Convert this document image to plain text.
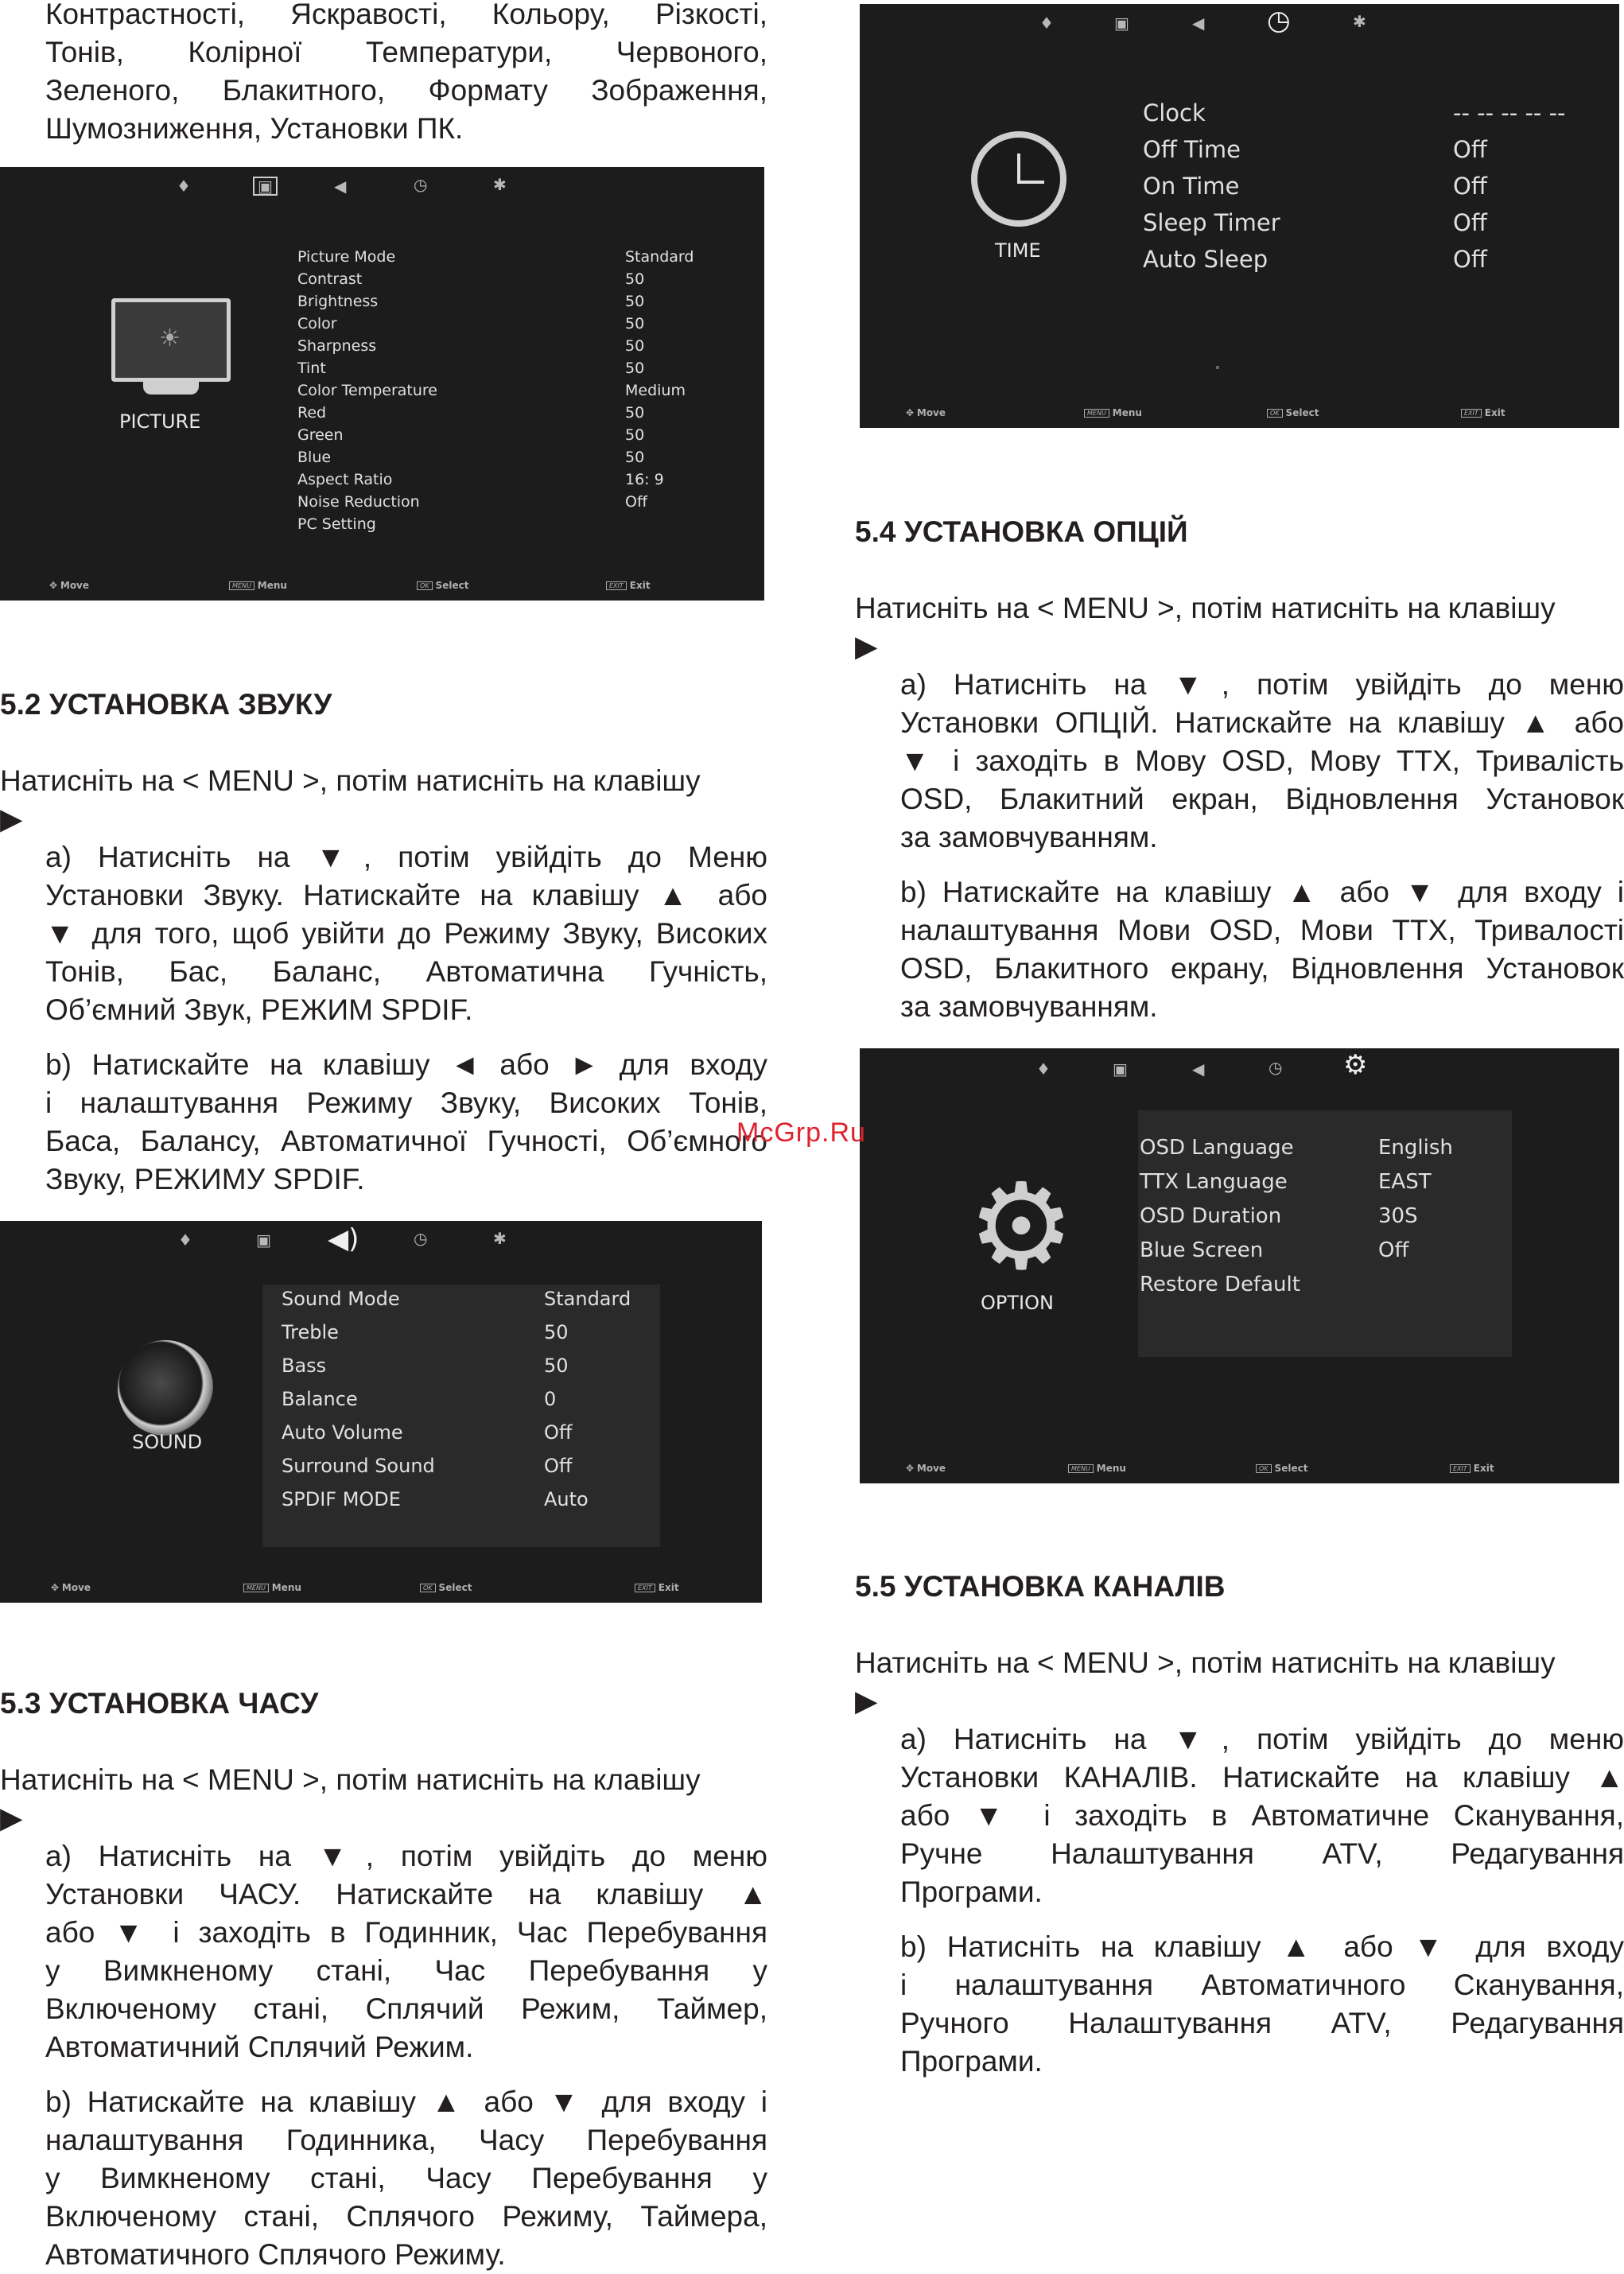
Контрастності, Яскравості, Кольору, Різкості,

Тонів, Колірної Температури, Червоного,

Зеленого, Блакитного, Формату Зображення,

Шумозниження, Установки ПК.

♦	▣	◀	◷	✱
☀
PICTURE
Picture Mode	Standard
Contrast	50
Brightness	50
Color	50
Sharpness	50
Tint	50
Color Temperature	Medium
Red	50
Green	50
Blue	50
Aspect Ratio	16: 9
Noise Reduction	Off
PC Setting
✥ Move	MENU Menu	OK Select	EXIT Exit

5.2 УСТАНОВКА ЗВУКУ

Натисніть на < MENU >, потім натисніть на клавішу

▶

a) Натисніть на ▼, потім увійдіть до Меню

Установки Звуку. Натискайте на клавішу ▲ або

▼ для того, щоб увійти до Режиму Звуку, Високих

Тонів, Бас, Баланс, Автоматична Гучність,

Об’ємний Звук, РЕЖИМ SPDIF.

b) Натискайте на клавішу ◄ або ► для входу

і налаштування Режиму Звуку, Високих Тонів,

Баса, Балансу, Автоматичної Гучності, Об’ємного

Звуку, РЕЖИМУ SPDIF.

♦	▣ ◀)	◷	✱
SOUND
Sound Mode	Standard
Treble	50
Bass	50
Balance	0
Auto Volume	Off
Surround Sound	Off
SPDIF MODE	Auto
✥ Move	MENU Menu	OK Select	EXIT Exit

5.3 УСТАНОВКА ЧАСУ

Натисніть на < MENU >, потім натисніть на клавішу

▶

a) Натисніть на ▼, потім увійдіть до меню

Установки ЧАСУ. Натискайте на клавішу ▲

або ▼ і заходіть в Годинник, Час Перебування

у Вимкненому стані, Час Перебування у

Включеному стані, Сплячий Режим, Таймер,

Автоматичний Сплячий Режим.

b) Натискайте на клавішу ▲ або ▼ для входу і

налаштування Годинника, Часу Перебування

у Вимкненому стані, Часу Перебування у

Включеному стані, Сплячого Режиму, Таймера,

Автоматичного Сплячого Режиму.

♦	▣	◀ ◷	✱
TIME
Clock	-- -- -- -- --
Off Time	Off
On Time	Off
Sleep Timer	Off
Auto Sleep	Off
✥ Move	MENU Menu	OK Select	EXIT Exit

5.4 УСТАНОВКА ОПЦІЙ

Натисніть на < MENU >, потім натисніть на клавішу

▶

a) Натисніть на ▼, потім увійдіть до меню

Установки ОПЦІЙ. Натискайте на клавішу ▲ або

▼ і заходіть в Мову OSD, Мову ТТХ, Тривалість

OSD, Блакитний екран, Відновлення Установок

за замовчуванням.

b) Натискайте на клавішу ▲ або ▼ для входу і

налаштування Мови OSD, Мови ТТХ, Тривалості

OSD, Блакитного екрану, Відновлення Установок

за замовчуванням.

♦	▣	◀	◷ ⚙
⚙
OPTION
OSD Language	English
TTX Language	EAST
OSD Duration	30S
Blue Screen	Off
Restore Default
✥ Move	MENU Menu	OK Select	EXIT Exit

5.5 УСТАНОВКА КАНАЛІВ

Натисніть на < MENU >, потім натисніть на клавішу

▶

a) Натисніть на ▼, потім увійдіть до меню

Установки КАНАЛІВ. Натискайте на клавішу ▲

або ▼ і заходіть в Автоматичне Сканування,

Ручне Налаштування ATV, Редагування

Програми.

b) Натисніть на клавішу ▲ або ▼ для входу

і налаштування Автоматичного Сканування,

Ручного Налаштування ATV, Редагування

Програми.

McGrp.Ru
